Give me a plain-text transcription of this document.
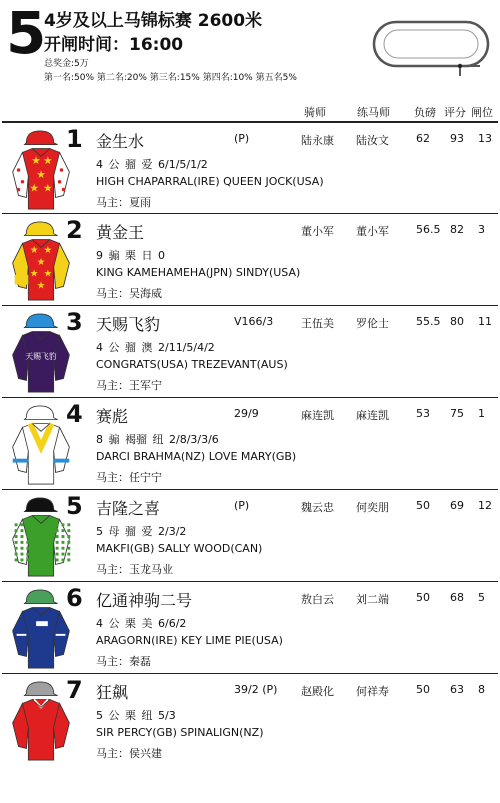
5
4岁及以上马锦标赛 2600米
开闸时间：16:00
总奖金:5万
第一名:50% 第二名:20% 第三名:15% 第四名:10% 第五名5%
骑师	练马师 负磅 评分 闸位
★ ★
★
★ ★
1 金生水	(P)	陆永康 陆汝文 62 93 13
4 公 骝 爱 6/1/5/1/2
HIGH CHAPARRAL(IRE) QUEEN JOCK(USA)
马主：夏雨
★ ★
★
★ ★
★
2 黄金王	董小军 董小军 56.5 82 3
9 骟 栗 日 0
KING KAMEHAMEHA(JPN) SINDY(USA)
马主：吴海威
天赐飞豹
3 天赐飞豹	V166/3	王伍美 罗伦士 55.5 80 11
4 公 骝 澳 2/11/5/4/2
CONGRATS(USA) TREZEVANT(AUS)
马主：王军宁
4 赛彪	29/9	麻连凯 麻连凯 53 75 1
8 骟 褐骝 纽 2/8/3/3/6
DARCI BRAHMA(NZ) LOVE MARY(GB)
马主：任宁宁
5 吉隆之喜	(P)	魏云忠 何奕朋 50 69 12
5 母 骝 爱 2/3/2
MAKFI(GB) SALLY WOOD(CAN)
马主：玉龙马业
6 亿通神驹二号	敖白云 刘二端 50 68 5
4 公 栗 美 6/6/2
ARAGORN(IRE) KEY LIME PIE(USA)
马主：秦磊
7 狂飙	39/2 (P) 赵殿化 何祥寿 50 63 8
5 公 栗 纽 5/3
SIR PERCY(GB) SPINALIGN(NZ)
马主：侯兴建
